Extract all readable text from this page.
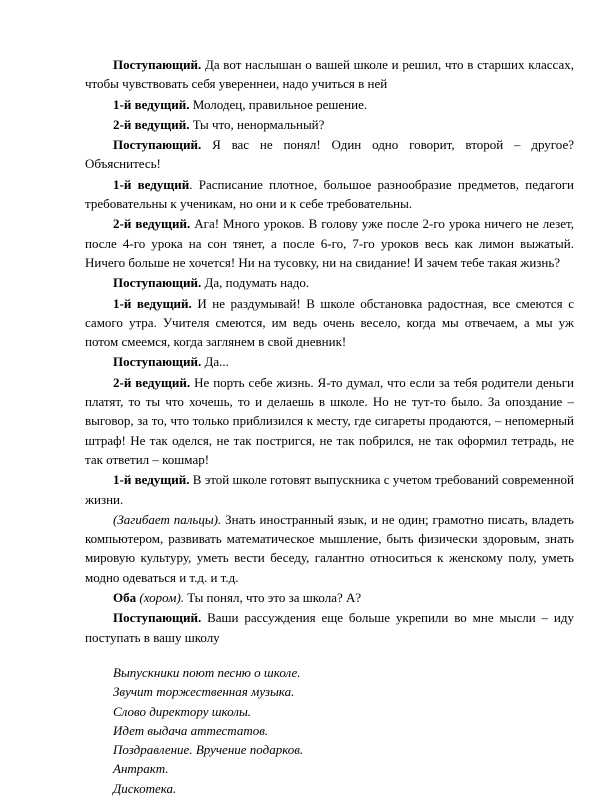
Поступающий. Да вот наслышан о вашей школе и решил, что в старших классах, чтобы чувствовать себя увереннеи, надо учиться в ней

1-й ведущий. Молодец, правильное решение.

2-й ведущий. Ты что, ненормальный?

Поступающий. Я вас не понял! Один одно говорит, второй – другое? Объяснитесь!

1-й ведущий. Расписание плотное, большое разнообразие предметов, педагоги требовательны к ученикам, но они и к себе требовательны.

2-й ведущий. Ага! Много уроков. В голову уже после 2-го урока ничего не лезет, после 4-го урока на сон тянет, а после 6-го, 7-го уроков весь как лимон выжатый. Ничего больше не хочется! Ни на тусовку, ни на свидание! И зачем тебе такая жизнь?

Поступающий. Да, подумать надо.

1-й ведущий. И не раздумывай! В школе обстановка радостная, все смеются с самого утра. Учителя смеются, им ведь очень весело, когда мы отвечаем, а мы уж потом смеемся, когда заглянем в свой дневник!

Поступающий. Да...

2-й ведущий. Не порть себе жизнь. Я-то думал, что если за тебя родители деньги платят, то ты что хочешь, то и делаешь в школе. Но не тут-то было. За опоздание – выговор, за то, что только приблизился к месту, где сигареты продаются, – непомерный штраф! Не так оделся, не так постригся, не так побрился, не так оформил тетрадь, не так ответил – кошмар!

1-й ведущий. В этой школе готовят выпускника с учетом требований современной жизни.

(Загибает пальцы). Знать иностранный язык, и не один; грамотно писать, владеть компьютером, развивать математическое мышление, быть физически здоровым, знать мировую культуру, уметь вести беседу, галантно относиться к женскому полу, уметь модно одеваться и т.д. и т.д.

Оба (хором). Ты понял, что это за школа? А?

Поступающий. Ваши рассуждения еще больше укрепили во мне мысли – иду поступать в вашу школу

Выпускники поют песню о школе.
Звучит торжественная музыка.
Слово директору школы.
Идет выдача аттестатов.
Поздравление. Вручение подарков.
Антракт.
Дискотека.
